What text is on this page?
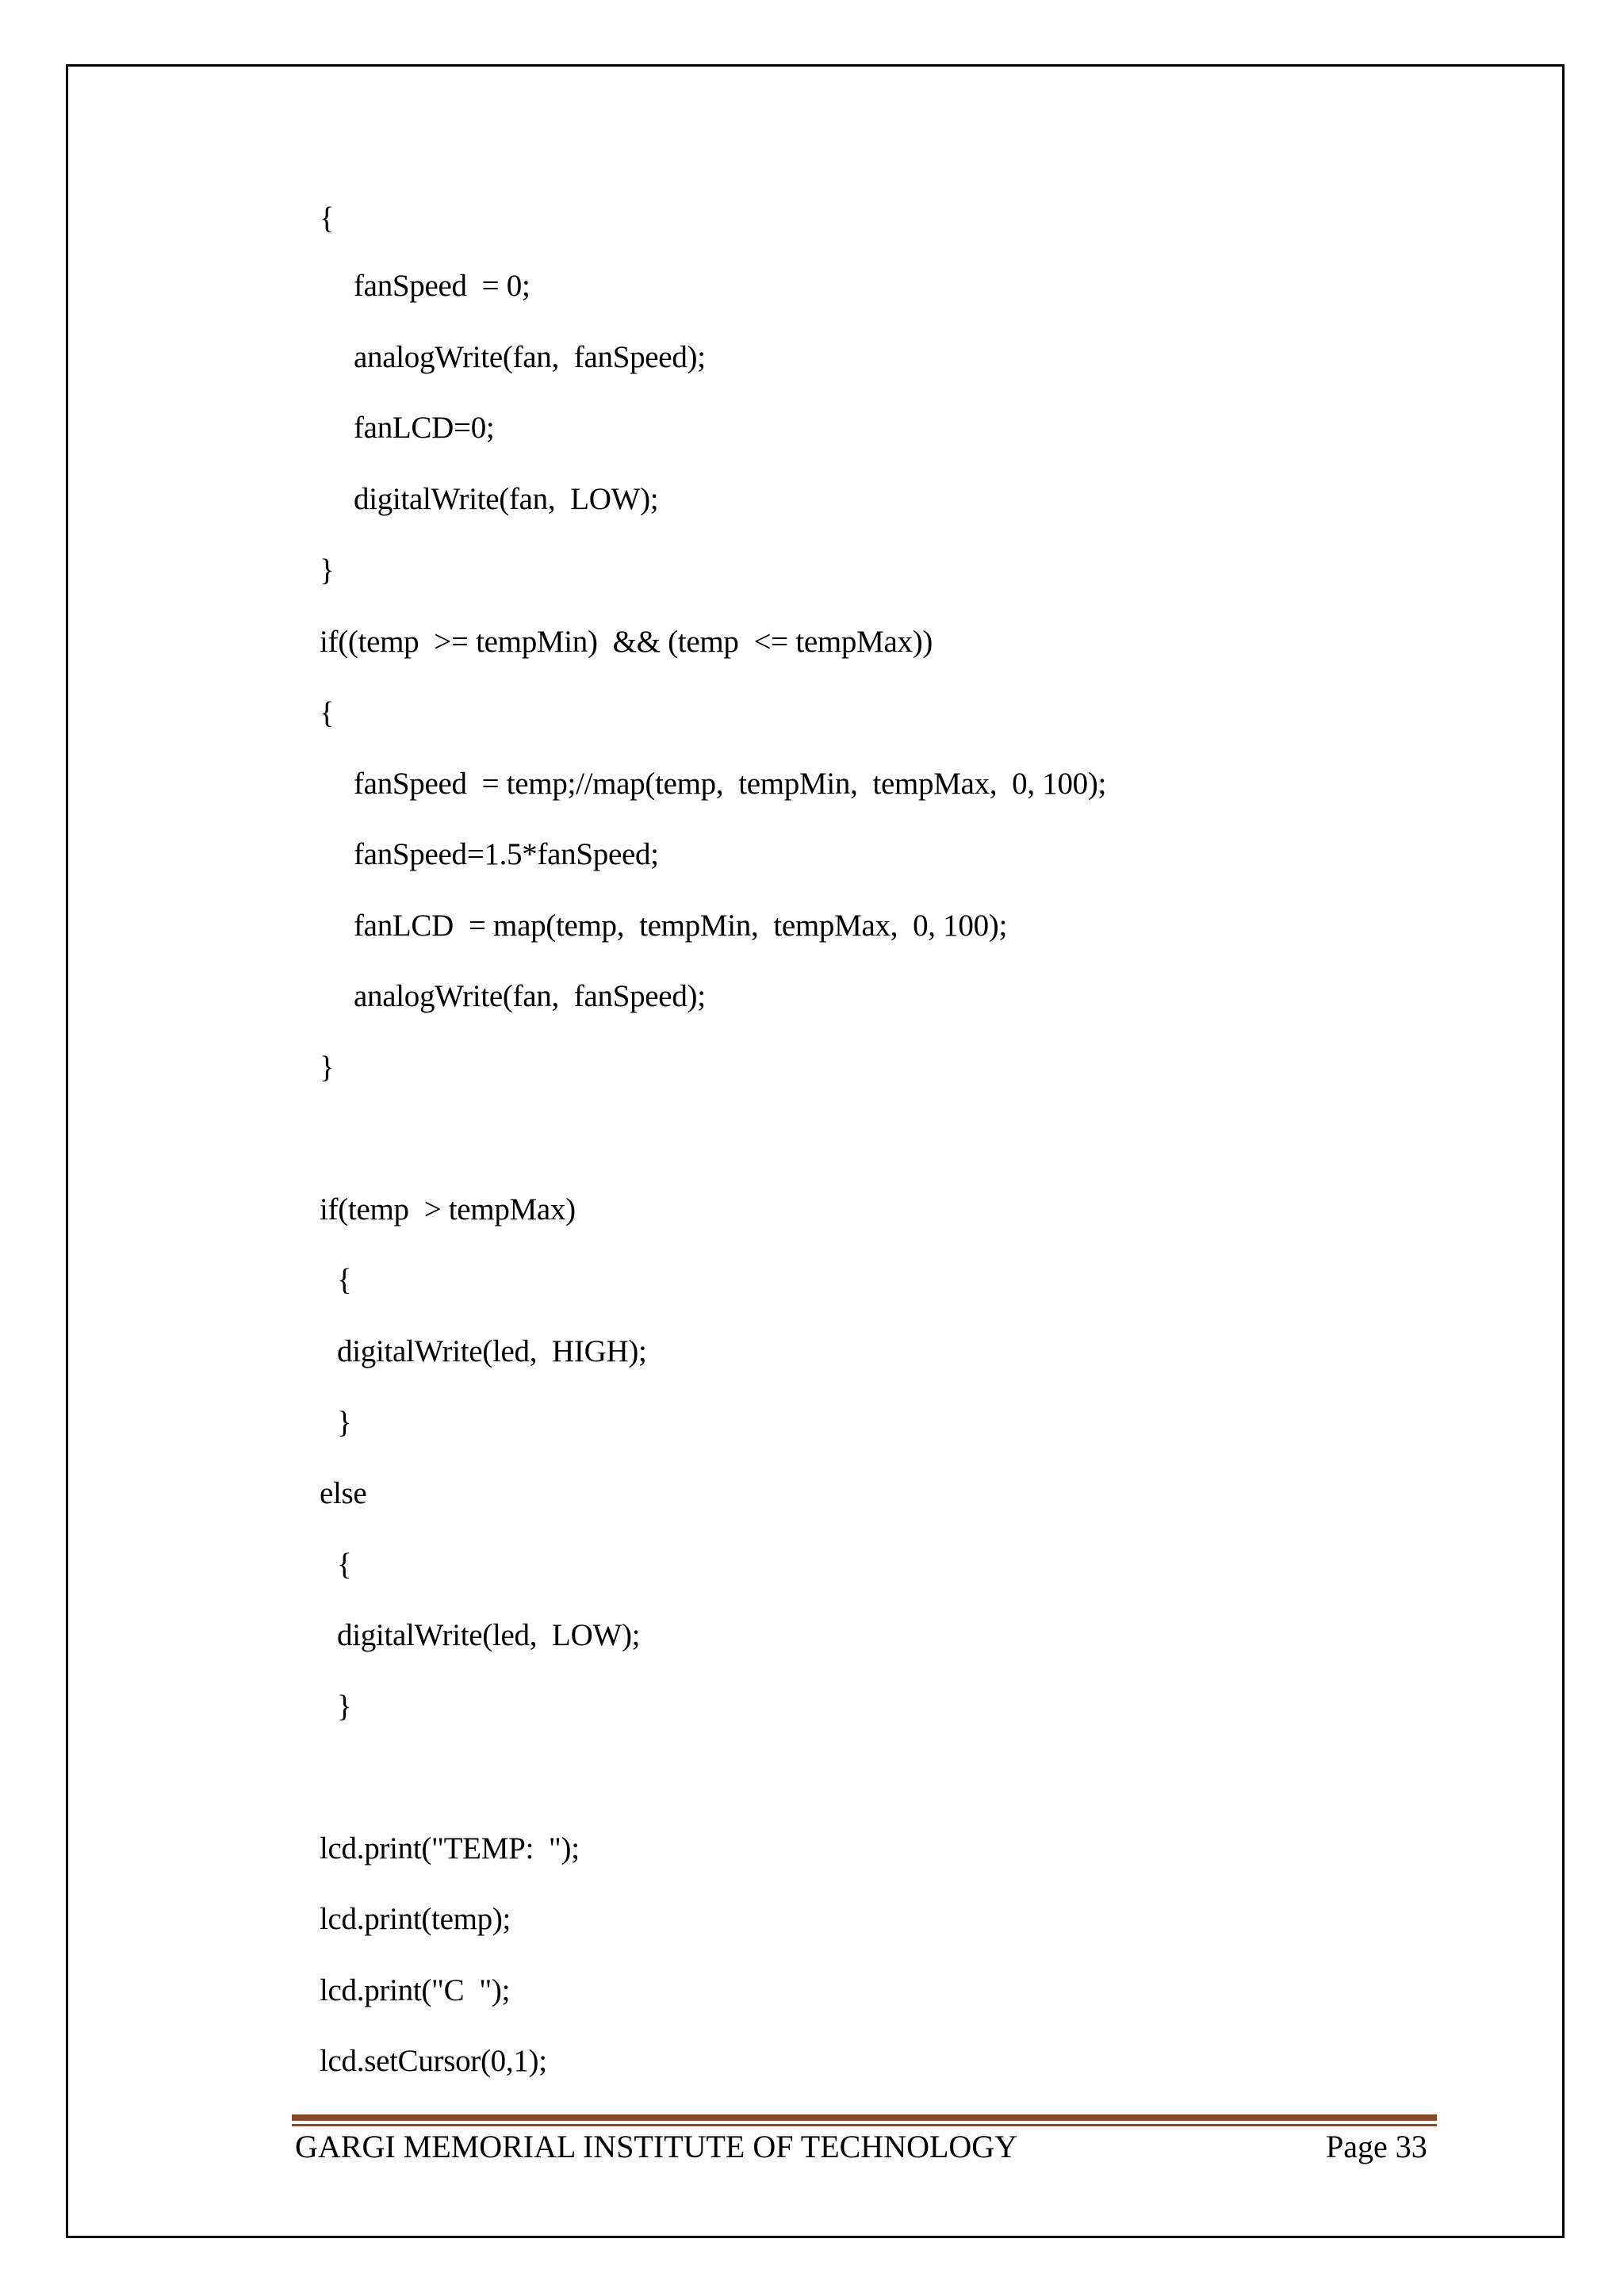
{
fanSpeed  = 0;
analogWrite(fan,  fanSpeed);
fanLCD=0;
digitalWrite(fan,  LOW);
}
if((temp  >= tempMin)  && (temp  <= tempMax))
{
fanSpeed  = temp;//map(temp,  tempMin,  tempMax,  0, 100);
fanSpeed=1.5*fanSpeed;
fanLCD  = map(temp,  tempMin,  tempMax,  0, 100);
analogWrite(fan,  fanSpeed);
}
if(temp  > tempMax)
{
digitalWrite(led,  HIGH);
}
else
{
digitalWrite(led,  LOW);
}
lcd.print("TEMP:  ");
lcd.print(temp);
lcd.print("C  ");
lcd.setCursor(0,1);
GARGI MEMORIAL INSTITUTE OF TECHNOLOGY	Page 33
